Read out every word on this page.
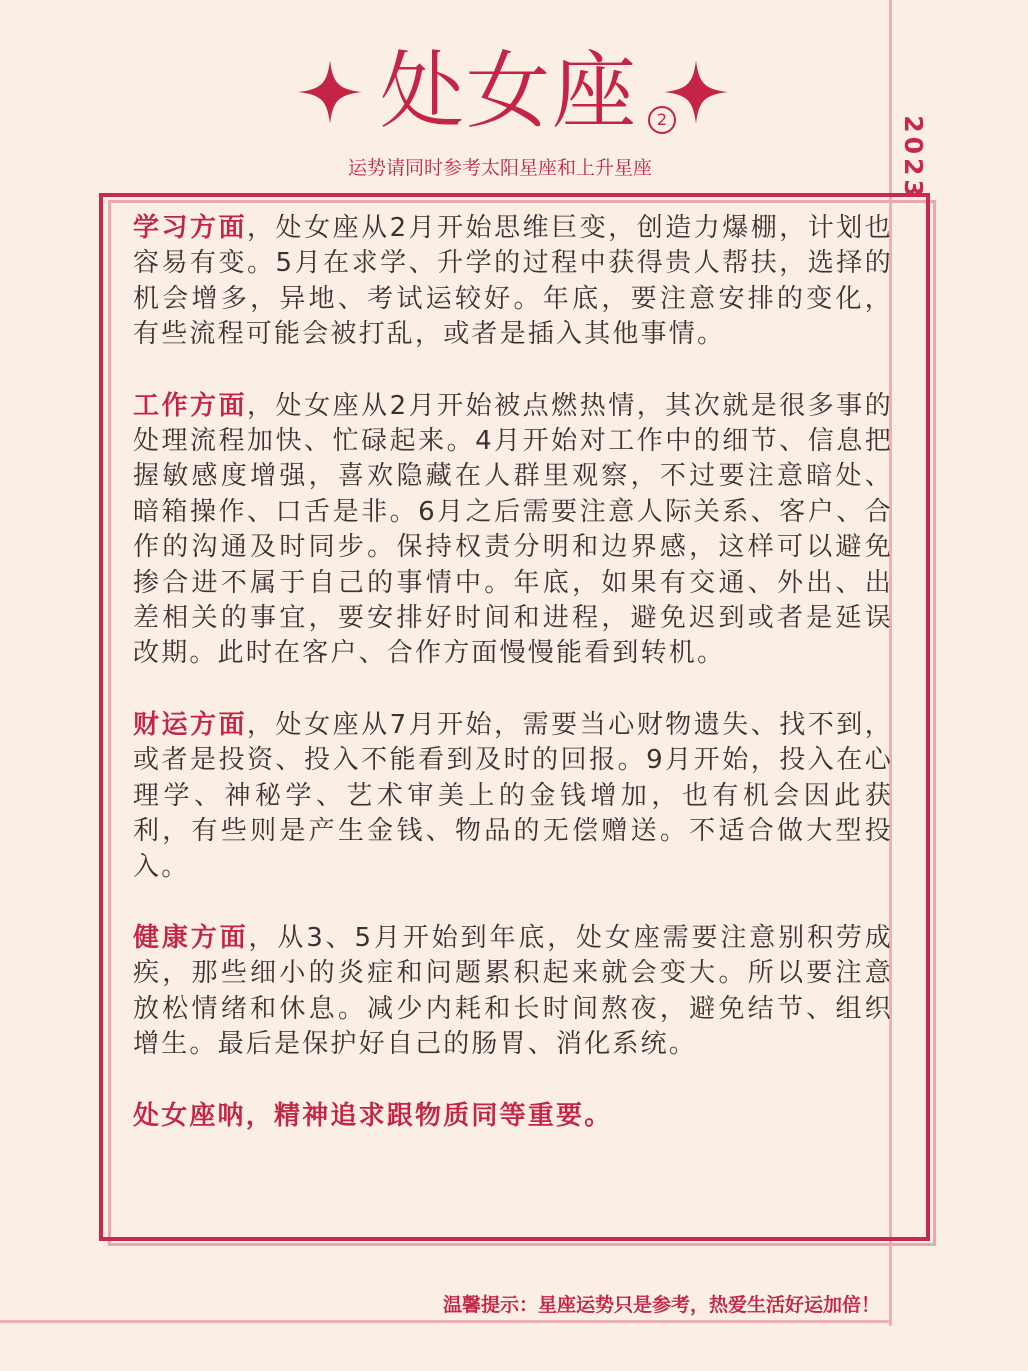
2023
处女座	2
运势请同时参考太阳星座和上升星座

学习方面，处女座从2月开始思维巨变，创造力爆棚，计划也容易有变。5月在求学、升学的过程中获得贵人帮扶，选择的机会增多，异地、考试运较好。年底，要注意安排的变化，有些流程可能会被打乱，或者是插入其他事情。

工作方面，处女座从2月开始被点燃热情，其次就是很多事的处理流程加快、忙碌起来。4月开始对工作中的细节、信息把握敏感度增强，喜欢隐藏在人群里观察，不过要注意暗处、暗箱操作、口舌是非。6月之后需要注意人际关系、客户、合作的沟通及时同步。保持权责分明和边界感，这样可以避免掺合进不属于自己的事情中。年底，如果有交通、外出、出差相关的事宜，要安排好时间和进程，避免迟到或者是延误改期。此时在客户、合作方面慢慢能看到转机。

财运方面，处女座从7月开始，需要当心财物遗失、找不到，或者是投资、投入不能看到及时的回报。9月开始，投入在心理学、神秘学、艺术审美上的金钱增加，也有机会因此获利，有些则是产生金钱、物品的无偿赠送。不适合做大型投入。

健康方面，从3、5月开始到年底，处女座需要注意别积劳成疾，那些细小的炎症和问题累积起来就会变大。所以要注意放松情绪和休息。减少内耗和长时间熬夜，避免结节、组织增生。最后是保护好自己的肠胃、消化系统。

处女座呐，精神追求跟物质同等重要。

温馨提示：星座运势只是参考，热爱生活好运加倍！
